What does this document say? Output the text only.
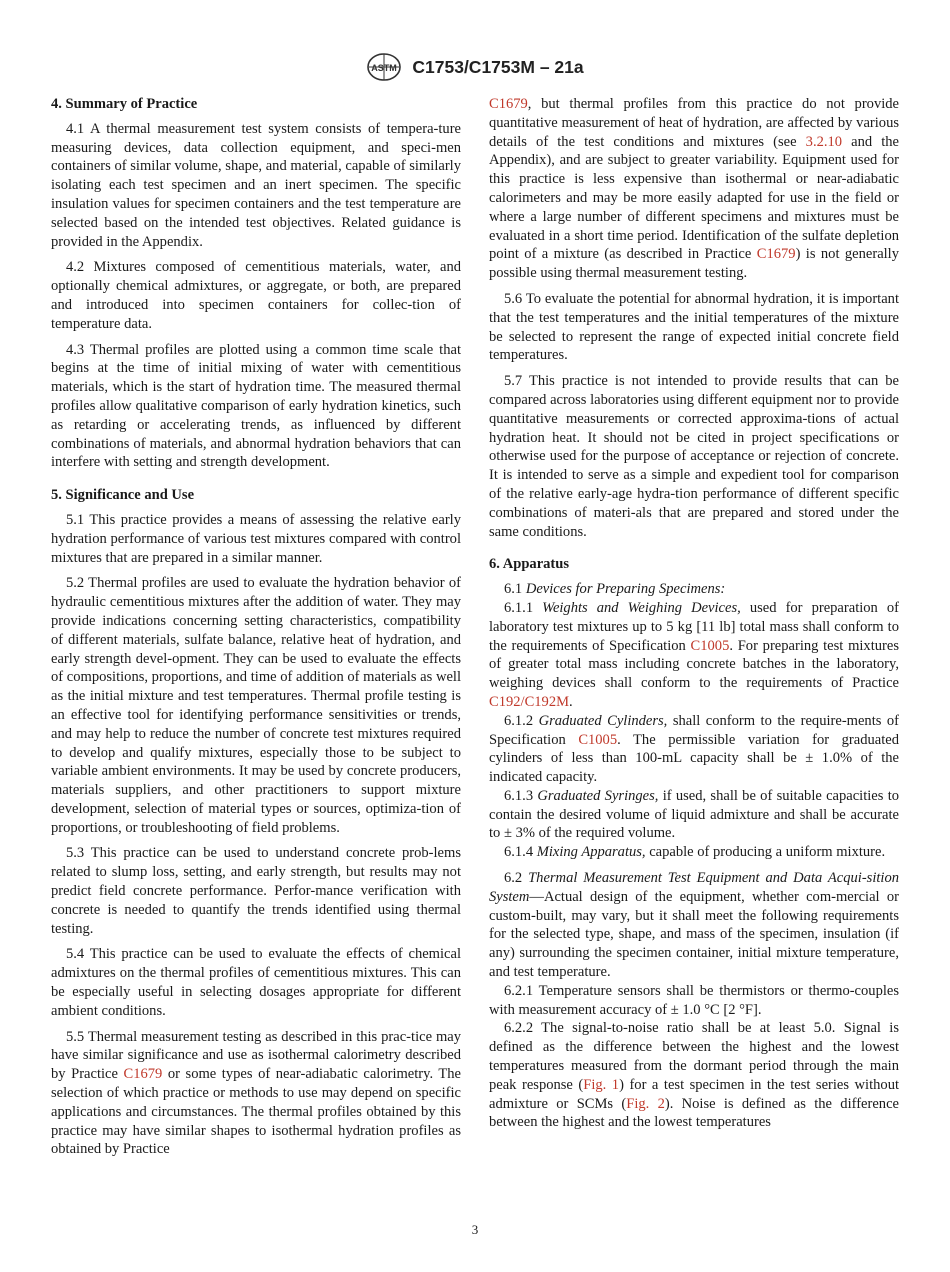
ASTM C1753/C1753M – 21a
4. Summary of Practice

4.1 A thermal measurement test system consists of tempera-ture measuring devices, data collection equipment, and speci-men containers of similar volume, shape, and material, capable of similarly isolating each test specimen and an inert specimen. The specific insulation values for specimen containers and the test temperature are selected based on the intended test objectives. Related guidance is provided in the Appendix.

4.2 Mixtures composed of cementitious materials, water, and optionally chemical admixtures, or aggregate, or both, are prepared and introduced into specimen containers for collec-tion of temperature data.

4.3 Thermal profiles are plotted using a common time scale that begins at the time of initial mixing of water with cementitious materials, which is the start of hydration time. The measured thermal profiles allow qualitative comparison of early hydration kinetics, such as retarding or accelerating trends, as influenced by different combinations of materials, and abnormal hydration behaviors that can interfere with setting and strength development.

5. Significance and Use

5.1 This practice provides a means of assessing the relative early hydration performance of various test mixtures compared with control mixtures that are prepared in a similar manner.

5.2 Thermal profiles are used to evaluate the hydration behavior of hydraulic cementitious mixtures after the addition of water. They may provide indications concerning setting characteristics, compatibility of different materials, sulfate balance, relative heat of hydration, and early strength devel-opment. They can be used to evaluate the effects of compositions, proportions, and time of addition of materials as well as the initial mixture and test temperatures. Thermal profile testing is an effective tool for identifying performance sensitivities or trends, and may help to reduce the number of concrete test mixtures required to develop and qualify mixtures, especially those to be subject to variable ambient environments. It may be used by concrete producers, materials suppliers, and other practitioners to support mixture development, selection of material types or sources, optimiza-tion of proportions, or troubleshooting of field problems.

5.3 This practice can be used to understand concrete prob-lems related to slump loss, setting, and early strength, but results may not predict field concrete performance. Perfor-mance verification with concrete is needed to quantify the trends identified using thermal testing.

5.4 This practice can be used to evaluate the effects of chemical admixtures on the thermal profiles of cementitious mixtures. This can be especially useful in selecting dosages appropriate for different ambient conditions.

5.5 Thermal measurement testing as described in this prac-tice may have similar significance and use as isothermal calorimetry described by Practice C1679 or some types of near-adiabatic calorimetry. The selection of which practice or methods to use may depend on specific applications and circumstances. The thermal profiles obtained by this practice may have similar shapes to isothermal hydration profiles as obtained by Practice

C1679, but thermal profiles from this practice do not provide quantitative measurement of heat of hydration, are affected by various details of the test conditions and mixtures (see 3.2.10 and the Appendix), and are subject to greater variability. Equipment used for this practice is less expensive than isothermal or near-adiabatic calorimeters and may be more easily adapted for use in the field or where a large number of different specimens and mixtures must be evaluated in a short time period. Identification of the sulfate depletion point of a mixture (as described in Practice C1679) is not generally possible using thermal measurement testing.

5.6 To evaluate the potential for abnormal hydration, it is important that the test temperatures and the initial temperatures of the mixture be selected to represent the range of expected initial concrete field temperatures.

5.7 This practice is not intended to provide results that can be compared across laboratories using different equipment nor to provide quantitative measurements or corrected approxima-tions of actual hydration heat. It should not be cited in project specifications or otherwise used for the purpose of acceptance or rejection of concrete. It is intended to serve as a simple and expedient tool for comparison of the relative early-age hydra-tion performance of different specific combinations of materi-als that are prepared and stored under the same conditions.

6. Apparatus

6.1 Devices for Preparing Specimens:

6.1.1 Weights and Weighing Devices, used for preparation of laboratory test mixtures up to 5 kg [11 lb] total mass shall conform to the requirements of Specification C1005. For preparing test mixtures of greater total mass including concrete batches in the laboratory, weighing devices shall conform to the requirements of Practice C192/C192M.

6.1.2 Graduated Cylinders, shall conform to the require-ments of Specification C1005. The permissible variation for graduated cylinders of less than 100-mL capacity shall be ± 1.0% of the indicated capacity.

6.1.3 Graduated Syringes, if used, shall be of suitable capacities to contain the desired volume of liquid admixture and shall be accurate to ± 3% of the required volume.

6.1.4 Mixing Apparatus, capable of producing a uniform mixture.

6.2 Thermal Measurement Test Equipment and Data Acqui-sition System—Actual design of the equipment, whether com-mercial or custom-built, may vary, but it shall meet the following requirements for the selected type, shape, and mass of the specimen, insulation (if any) surrounding the specimen container, initial mixture temperature, and test temperature.

6.2.1 Temperature sensors shall be thermistors or thermo-couples with measurement accuracy of ± 1.0 °C [2 °F].

6.2.2 The signal-to-noise ratio shall be at least 5.0. Signal is defined as the difference between the highest and the lowest temperatures measured from the dormant period through the main peak response (Fig. 1) for a test specimen in the test series without admixture or SCMs (Fig. 2). Noise is defined as the difference between the highest and the lowest temperatures

3
